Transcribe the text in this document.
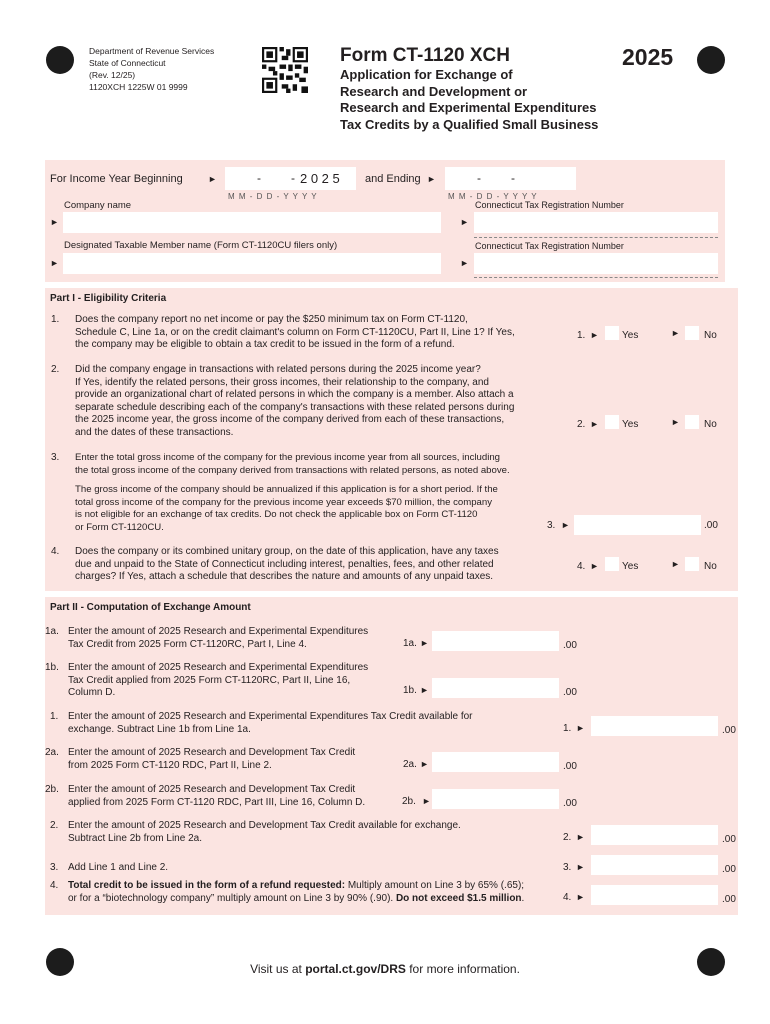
Department of Revenue Services
State of Connecticut
(Rev. 12/25)
1120XCH 1225W 01 9999
Form CT-1120 XCH
Application for Exchange of
Research and Development or
Research and Experimental Expenditures
Tax Credits by a Qualified Small Business
2025
For Income Year Beginning	►	-	- 2 0 2 5
M M - D D - Y Y Y Y
and Ending ►	-	-
M M - D D - Y Y Y Y
Company name
►
Connecticut Tax Registration Number
►
Designated Taxable Member name (Form CT-1120CU filers only)
►
Connecticut Tax Registration Number
►
Part I - Eligibility Criteria
1. Does the company report no net income or pay the $250 minimum tax on Form CT-1120,
Schedule C, Line 1a, or on the credit claimant's column on Form CT-1120CU, Part II, Line 1? If Yes,
the company may be eligible to obtain a tax credit to be issued in the form of a refund.
1. ► Yes	► No
2. Did the company engage in transactions with related persons during the 2025 income year?
If Yes, identify the related persons, their gross incomes, their relationship to the company, and
provide an organizational chart of related persons in which the company is a member. Also attach a
separate schedule describing each of the company's transactions with these related persons during
the 2025 income year, the gross income of the company derived from each of these transactions,
and the dates of these transactions.
2. ► Yes	► No
3. Enter the total gross income of the company for the previous income year from all sources, including
the total gross income of the company derived from transactions with related persons, as noted above.
The gross income of the company should be annualized if this application is for a short period. If the
total gross income of the company for the previous income year exceeds $70 million, the company
is not eligible for an exchange of tax credits. Do not check the applicable box on Form CT-1120
or Form CT-1120CU.	3. ►	.00
4. Does the company or its combined unitary group, on the date of this application, have any taxes
due and unpaid to the State of Connecticut including interest, penalties, fees, and other related
charges? If Yes, attach a schedule that describes the nature and amounts of any unpaid taxes.
4. ► Yes	► No
Part II - Computation of Exchange Amount
1a. Enter the amount of 2025 Research and Experimental Expenditures
Tax Credit from 2025 Form CT-1120RC, Part I, Line 4.	1a. ►	.00
1b. Enter the amount of 2025 Research and Experimental Expenditures
Tax Credit applied from 2025 Form CT-1120RC, Part II, Line 16,
Column D.	1b. ►	.00
1. Enter the amount of 2025 Research and Experimental Expenditures Tax Credit available for
exchange. Subtract Line 1b from Line 1a.	1. ►	.00
2a. Enter the amount of 2025 Research and Development Tax Credit
from 2025 Form CT-1120 RDC, Part II, Line 2.	2a. ►	.00
2b. Enter the amount of 2025 Research and Development Tax Credit
applied from 2025 Form CT-1120 RDC, Part III, Line 16, Column D.	2b. ►	.00
2. Enter the amount of 2025 Research and Development Tax Credit available for exchange.
Subtract Line 2b from Line 2a.	2. ►	.00
3. Add Line 1 and Line 2.	3. ►	.00
4. Total credit to be issued in the form of a refund requested: Multiply amount on Line 3 by 65% (.65);
or for a “biotechnology company” multiply amount on Line 3 by 90% (.90). Do not exceed $1.5 million.	4. ►	.00
Visit us at portal.ct.gov/DRS for more information.
